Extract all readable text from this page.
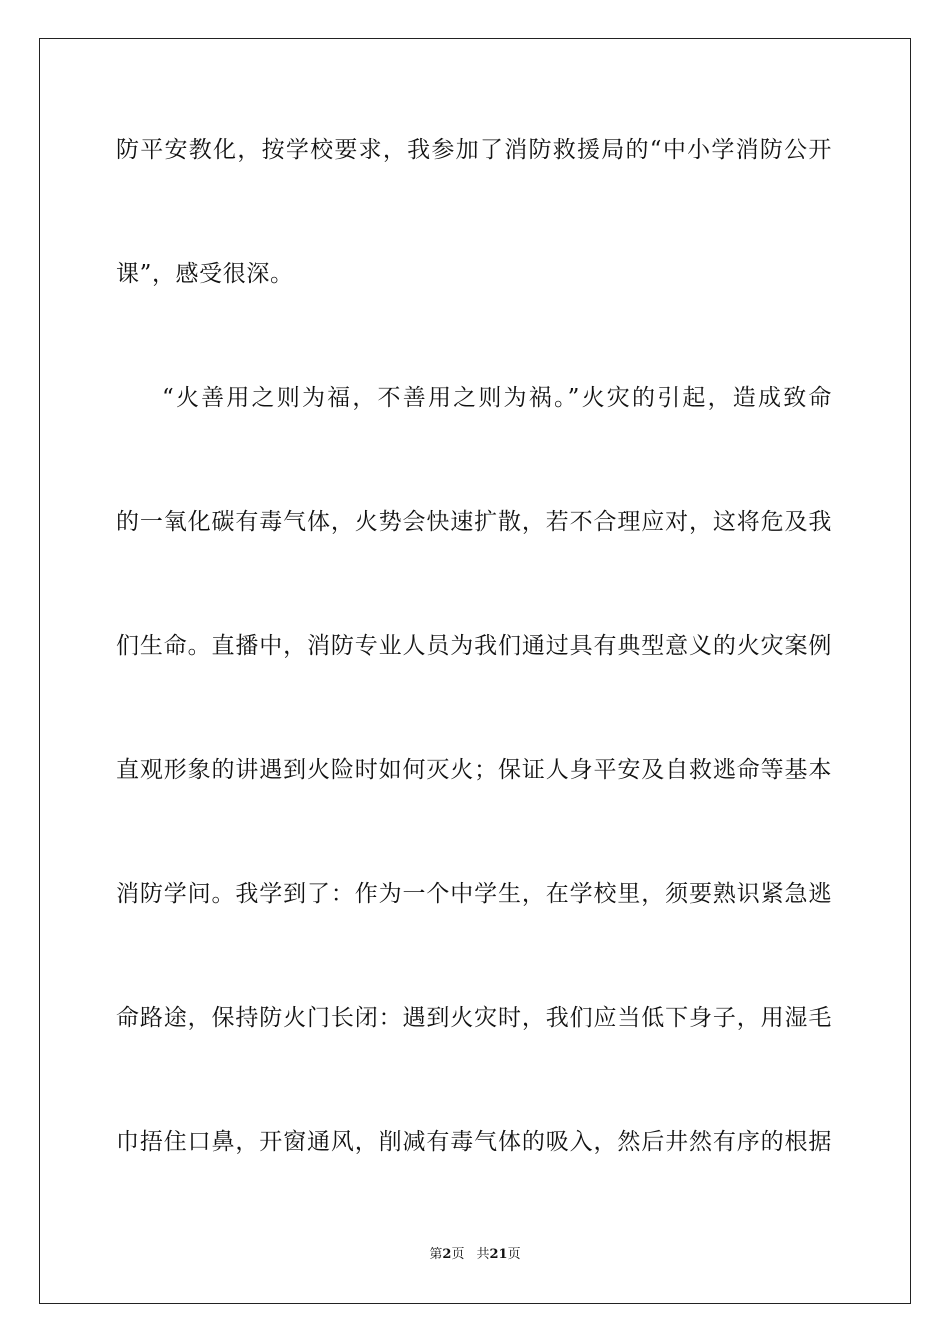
防平安教化，按学校要求，我参加了消防救援局的“中小学消防公开
课”，感受很深。
“火善用之则为福，不善用之则为祸。”火灾的引起，造成致命
的一氧化碳有毒气体，火势会快速扩散，若不合理应对，这将危及我
们生命。直播中，消防专业人员为我们通过具有典型意义的火灾案例
直观形象的讲遇到火险时如何灭火；保证人身平安及自救逃命等基本
消防学问。我学到了：作为一个中学生，在学校里，须要熟识紧急逃
命路途，保持防火门长闭：遇到火灾时，我们应当低下身子，用湿毛
巾捂住口鼻，开窗通风，削减有毒气体的吸入，然后井然有序的根据
第2页 共21页
